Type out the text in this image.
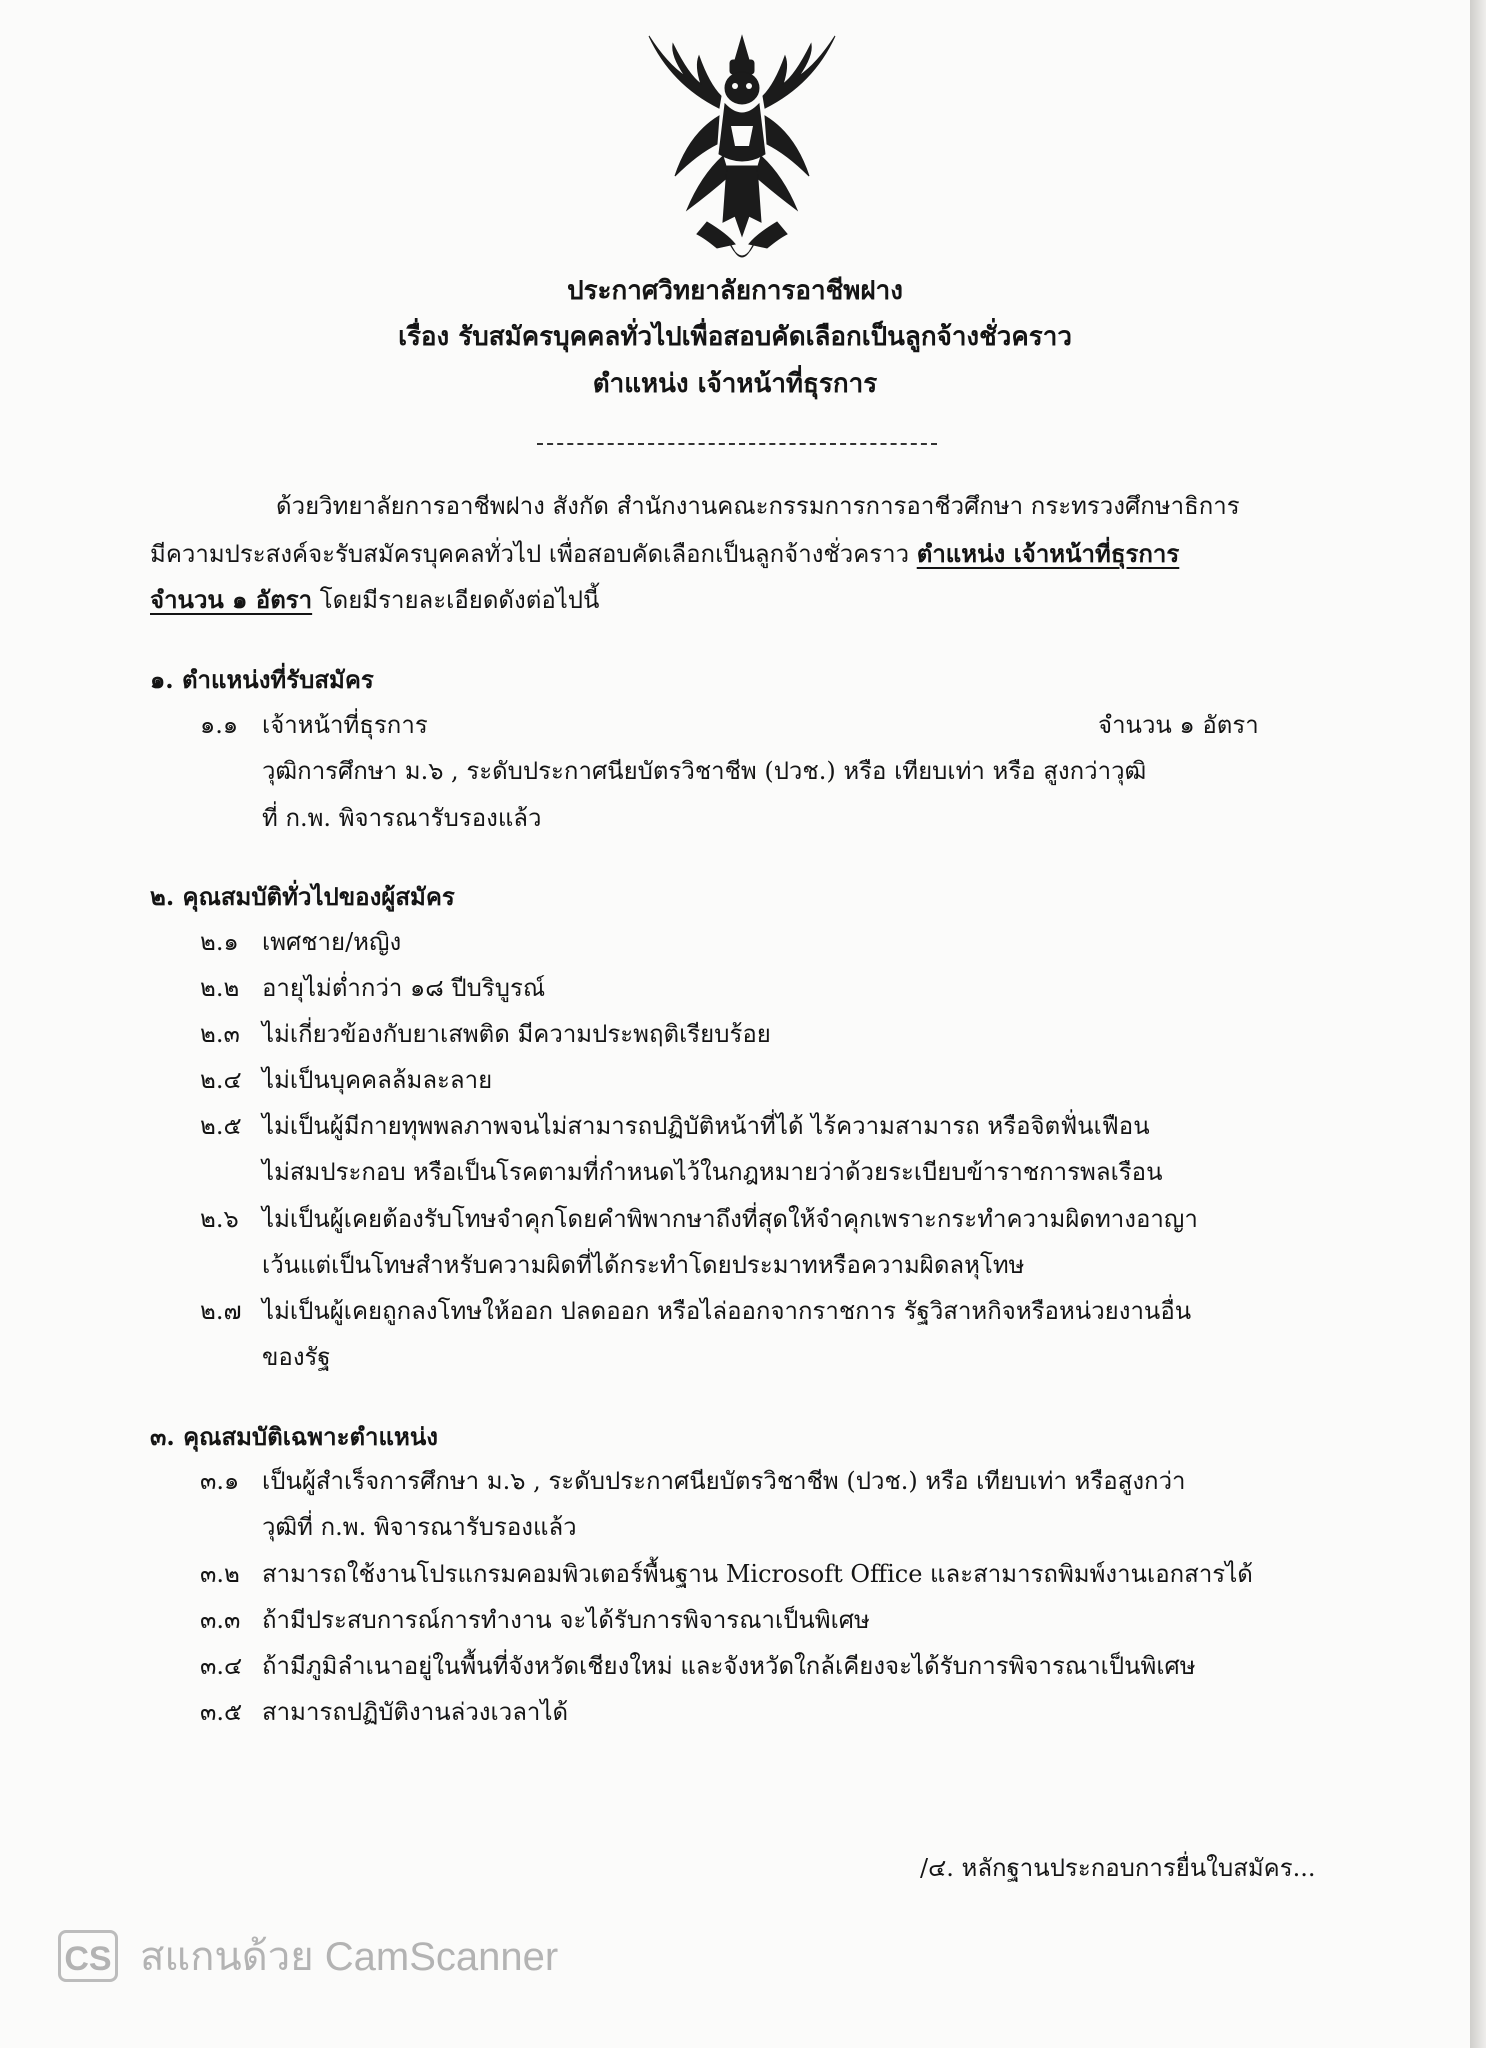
ประกาศวิทยาลัยการอาชีพฝาง
เรื่อง รับสมัครบุคคลทั่วไปเพื่อสอบคัดเลือกเป็นลูกจ้างชั่วคราว
ตำแหน่ง เจ้าหน้าที่ธุรการ
ด้วยวิทยาลัยการอาชีพฝาง สังกัด สำนักงานคณะกรรมการการอาชีวศึกษา กระทรวงศึกษาธิการ
มีความประสงค์จะรับสมัครบุคคลทั่วไป เพื่อสอบคัดเลือกเป็นลูกจ้างชั่วคราว ตำแหน่ง เจ้าหน้าที่ธุรการ
จำนวน ๑ อัตรา โดยมีรายละเอียดดังต่อไปนี้
๑. ตำแหน่งที่รับสมัคร
๑.๑ เจ้าหน้าที่ธุรการ	จำนวน ๑ อัตรา
วุฒิการศึกษา ม.๖ , ระดับประกาศนียบัตรวิชาชีพ (ปวช.) หรือ เทียบเท่า หรือ สูงกว่าวุฒิ
ที่ ก.พ. พิจารณารับรองแล้ว
๒. คุณสมบัติทั่วไปของผู้สมัคร
๒.๑ เพศชาย/หญิง
๒.๒ อายุไม่ต่ำกว่า ๑๘ ปีบริบูรณ์
๒.๓ ไม่เกี่ยวข้องกับยาเสพติด มีความประพฤติเรียบร้อย
๒.๔ ไม่เป็นบุคคลล้มละลาย
๒.๕ ไม่เป็นผู้มีกายทุพพลภาพจนไม่สามารถปฏิบัติหน้าที่ได้ ไร้ความสามารถ หรือจิตฟั่นเฟือน
ไม่สมประกอบ หรือเป็นโรคตามที่กำหนดไว้ในกฎหมายว่าด้วยระเบียบข้าราชการพลเรือน
๒.๖ ไม่เป็นผู้เคยต้องรับโทษจำคุกโดยคำพิพากษาถึงที่สุดให้จำคุกเพราะกระทำความผิดทางอาญา
เว้นแต่เป็นโทษสำหรับความผิดที่ได้กระทำโดยประมาทหรือความผิดลหุโทษ
๒.๗ ไม่เป็นผู้เคยถูกลงโทษให้ออก ปลดออก หรือไล่ออกจากราชการ รัฐวิสาหกิจหรือหน่วยงานอื่น
ของรัฐ
๓. คุณสมบัติเฉพาะตำแหน่ง
๓.๑ เป็นผู้สำเร็จการศึกษา ม.๖ , ระดับประกาศนียบัตรวิชาชีพ (ปวช.) หรือ เทียบเท่า หรือสูงกว่า
วุฒิที่ ก.พ. พิจารณารับรองแล้ว
๓.๒ สามารถใช้งานโปรแกรมคอมพิวเตอร์พื้นฐาน Microsoft Office และสามารถพิมพ์งานเอกสารได้
๓.๓ ถ้ามีประสบการณ์การทำงาน จะได้รับการพิจารณาเป็นพิเศษ
๓.๔ ถ้ามีภูมิลำเนาอยู่ในพื้นที่จังหวัดเชียงใหม่ และจังหวัดใกล้เคียงจะได้รับการพิจารณาเป็นพิเศษ
๓.๕ สามารถปฏิบัติงานล่วงเวลาได้
/๔. หลักฐานประกอบการยื่นใบสมัคร...
CS สแกนด้วย CamScanner
